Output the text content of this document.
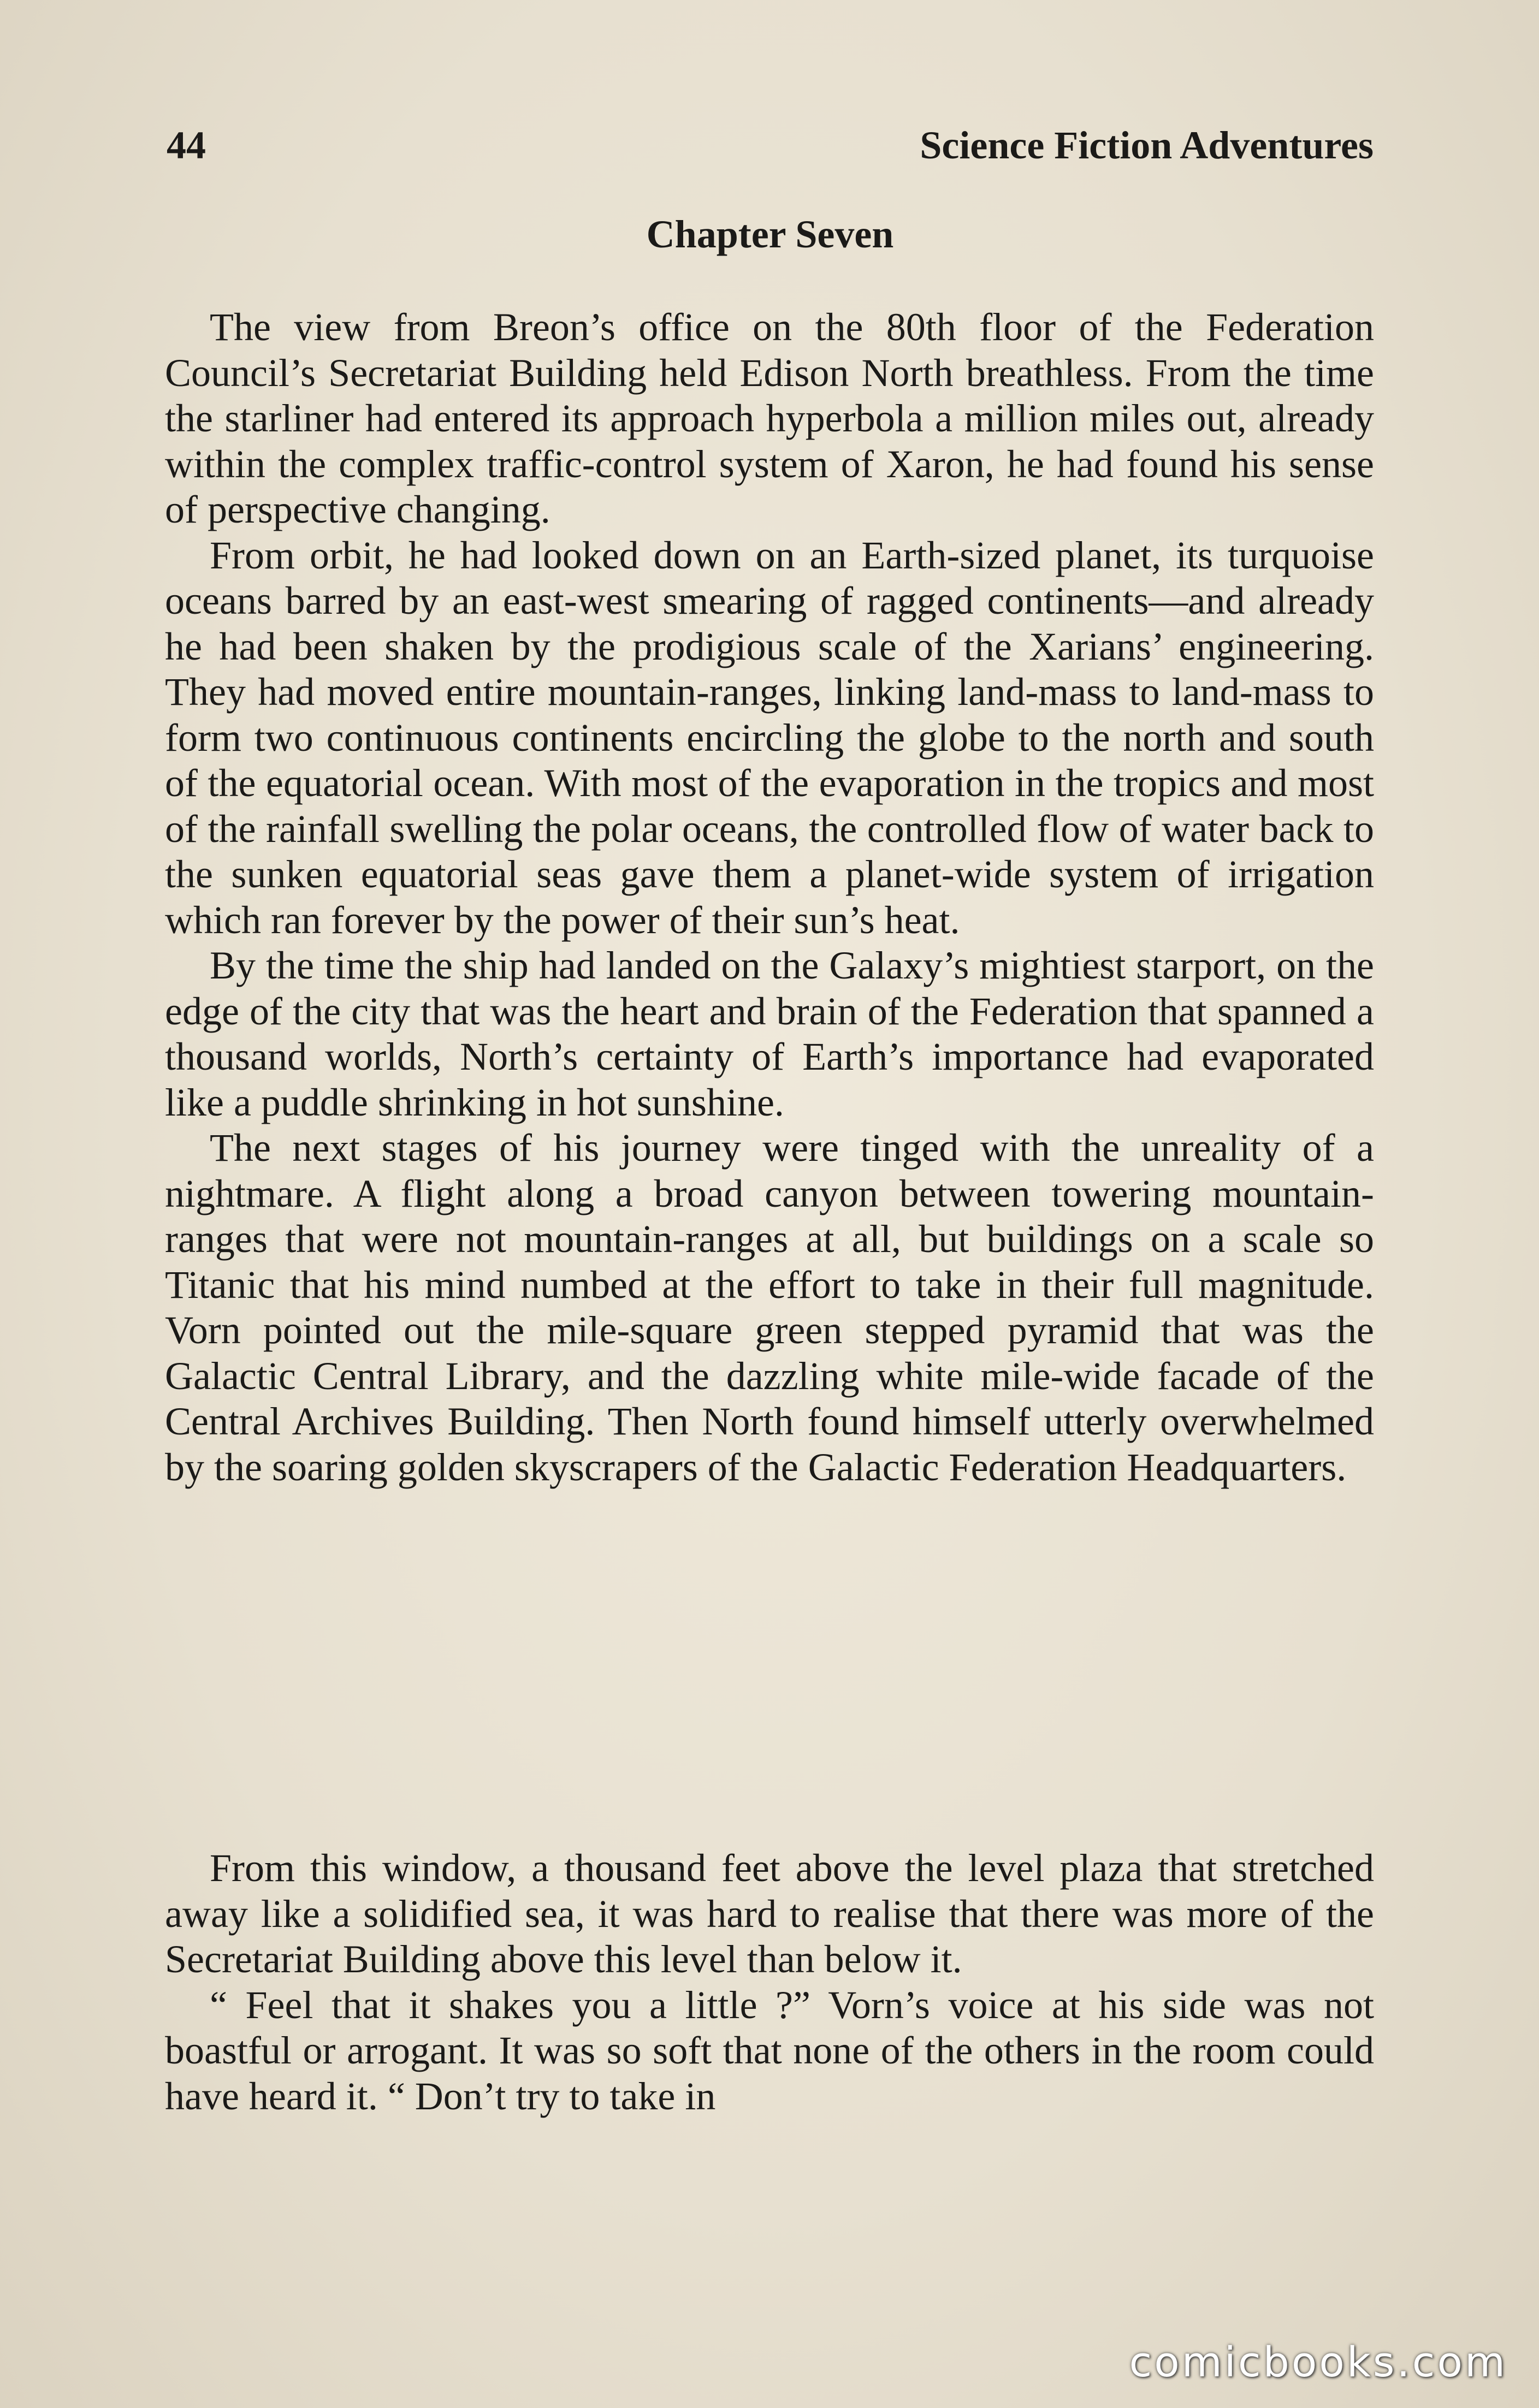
44	Science Fiction Adventures
Chapter Seven

The view from Breon’s office on the 80th floor of the Federation Council’s Secretariat Building held Edison North breathless. From the time the starliner had entered its approach hyperbola a million miles out, already within the complex traffic-control system of Xaron, he had found his sense of perspective changing.

From orbit, he had looked down on an Earth-sized planet, its turquoise oceans barred by an east-west smearing of ragged continents—and already he had been shaken by the prodigious scale of the Xarians’ engineering. They had moved entire mountain-ranges, linking land-mass to land-mass to form two continuous continents encircling the globe to the north and south of the equatorial ocean. With most of the evaporation in the tropics and most of the rainfall swelling the polar oceans, the controlled flow of water back to the sunken equatorial seas gave them a planet-wide system of irrigation which ran forever by the power of their sun’s heat.

By the time the ship had landed on the Galaxy’s mightiest starport, on the edge of the city that was the heart and brain of the Federation that spanned a thousand worlds, North’s certainty of Earth’s importance had evaporated like a puddle shrinking in hot sunshine.

The next stages of his journey were tinged with the unreality of a nightmare. A flight along a broad canyon between towering mountain-ranges that were not mountain-ranges at all, but buildings on a scale so Titanic that his mind numbed at the effort to take in their full magnitude. Vorn pointed out the mile-square green stepped pyramid that was the Galactic Central Library, and the dazzling white mile-wide facade of the Central Archives Building. Then North found himself utterly overwhelmed by the soaring golden skyscrapers of the Galactic Federation Headquarters.

From this window, a thousand feet above the level plaza that stretched away like a solidified sea, it was hard to realise that there was more of the Secretariat Building above this level than below it.

“ Feel that it shakes you a little ?” Vorn’s voice at his side was not boastful or arrogant. It was so soft that none of the others in the room could have heard it. “ Don’t try to take in

comicbooks.com
